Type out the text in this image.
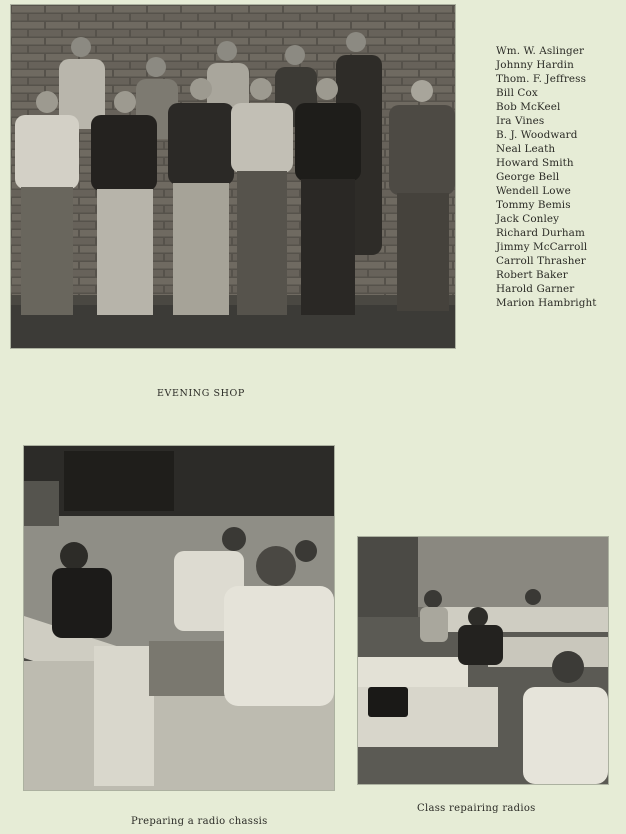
Wm. W. Aslinger
Johnny Hardin
Thom. F. Jeffress
Bill Cox
Bob McKeel
Ira Vines
B. J. Woodward
Neal Leath
Howard Smith
George Bell
Wendell Lowe
Tommy Bemis
Jack Conley
Richard Durham
Jimmy McCarroll
Carroll Thrasher
Robert Baker
Harold Garner
Marion Hambright
EVENING SHOP
Preparing a radio chassis
Class repairing radios
